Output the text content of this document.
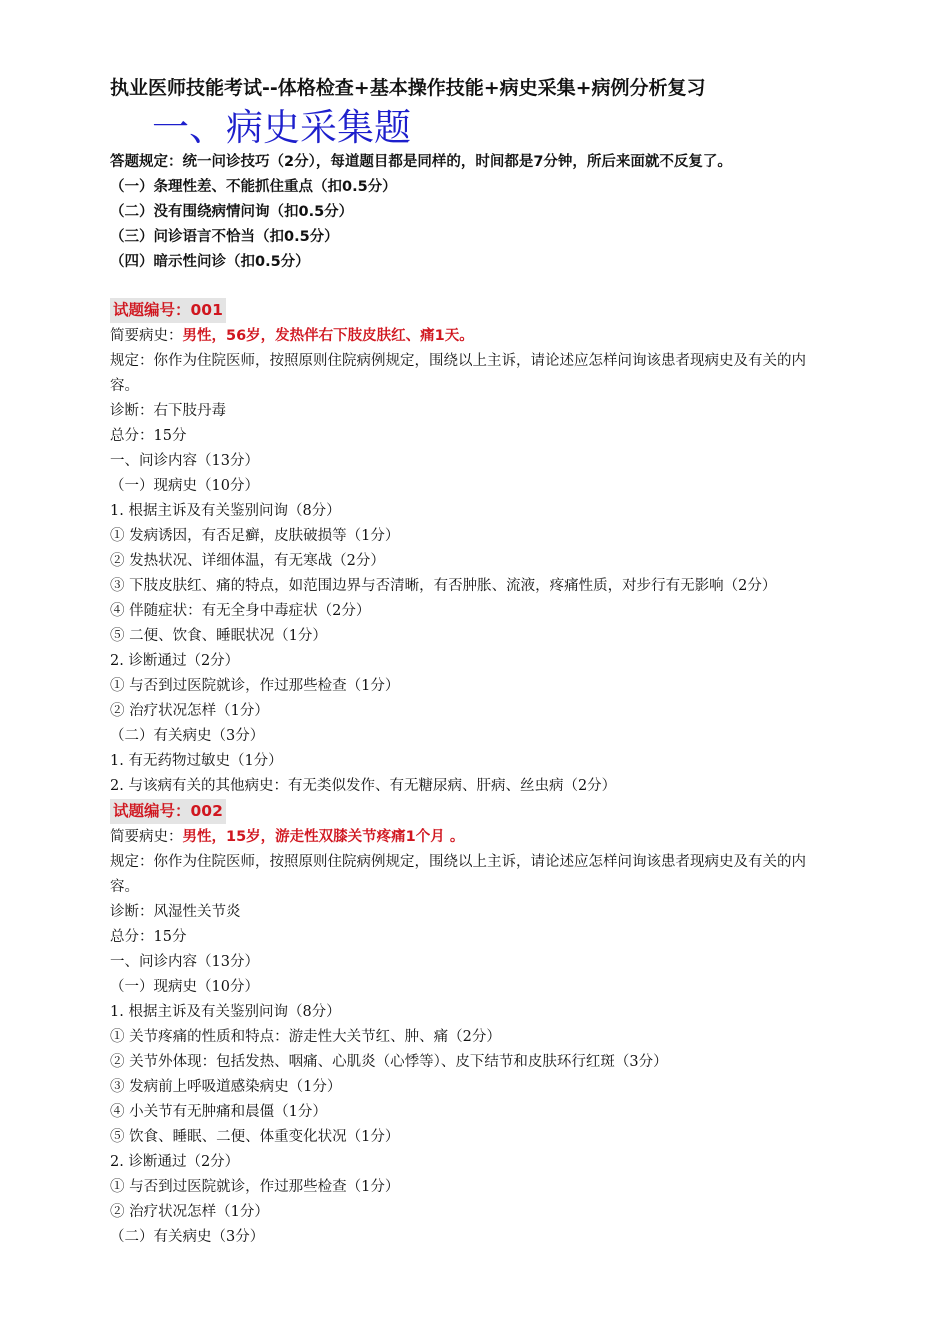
执业医师技能考试--体格检查+基本操作技能+病史采集+病例分析复习
一、病史采集题
答题规定：统一问诊技巧（2分），每道题目都是同样的，时间都是7分钟，所后来面就不反复了。
（一）条理性差、不能抓住重点（扣0.5分）
（二）没有围绕病情问询（扣0.5分）
（三）问诊语言不恰当（扣0.5分）
（四）暗示性问诊（扣0.5分）
试题编号：001
简要病史：男性，56岁，发热伴右下肢皮肤红、痛1天。
规定：你作为住院医师，按照原则住院病例规定，围绕以上主诉，请论述应怎样问询该患者现病史及有关的内容。
诊断：右下肢丹毒
总分：15分
一、问诊内容（13分）
（一）现病史（10分）
1. 根据主诉及有关鉴别问询（8分）
① 发病诱因，有否足癣，皮肤破损等（1分）
② 发热状况、详细体温，有无寒战（2分）
③ 下肢皮肤红、痛的特点，如范围边界与否清晰，有否肿胀、流液，疼痛性质，对步行有无影响（2分）
④ 伴随症状：有无全身中毒症状（2分）
⑤ 二便、饮食、睡眠状况（1分）
2. 诊断通过（2分）
① 与否到过医院就诊，作过那些检查（1分）
② 治疗状况怎样（1分）
（二）有关病史（3分）
1. 有无药物过敏史（1分）
2. 与该病有关的其他病史：有无类似发作、有无糖尿病、肝病、丝虫病（2分）
试题编号：002
简要病史：男性，15岁，游走性双膝关节疼痛1个月 。
规定：你作为住院医师，按照原则住院病例规定，围绕以上主诉，请论述应怎样问询该患者现病史及有关的内容。
诊断：风湿性关节炎
总分：15分
一、问诊内容（13分）
（一）现病史（10分）
1. 根据主诉及有关鉴别问询（8分）
① 关节疼痛的性质和特点：游走性大关节红、肿、痛（2分）
② 关节外体现：包括发热、咽痛、心肌炎（心悸等）、皮下结节和皮肤环行红斑（3分）
③ 发病前上呼吸道感染病史（1分）
④ 小关节有无肿痛和晨僵（1分）
⑤ 饮食、睡眠、二便、体重变化状况（1分）
2. 诊断通过（2分）
① 与否到过医院就诊，作过那些检查（1分）
② 治疗状况怎样（1分）
（二）有关病史（3分）
